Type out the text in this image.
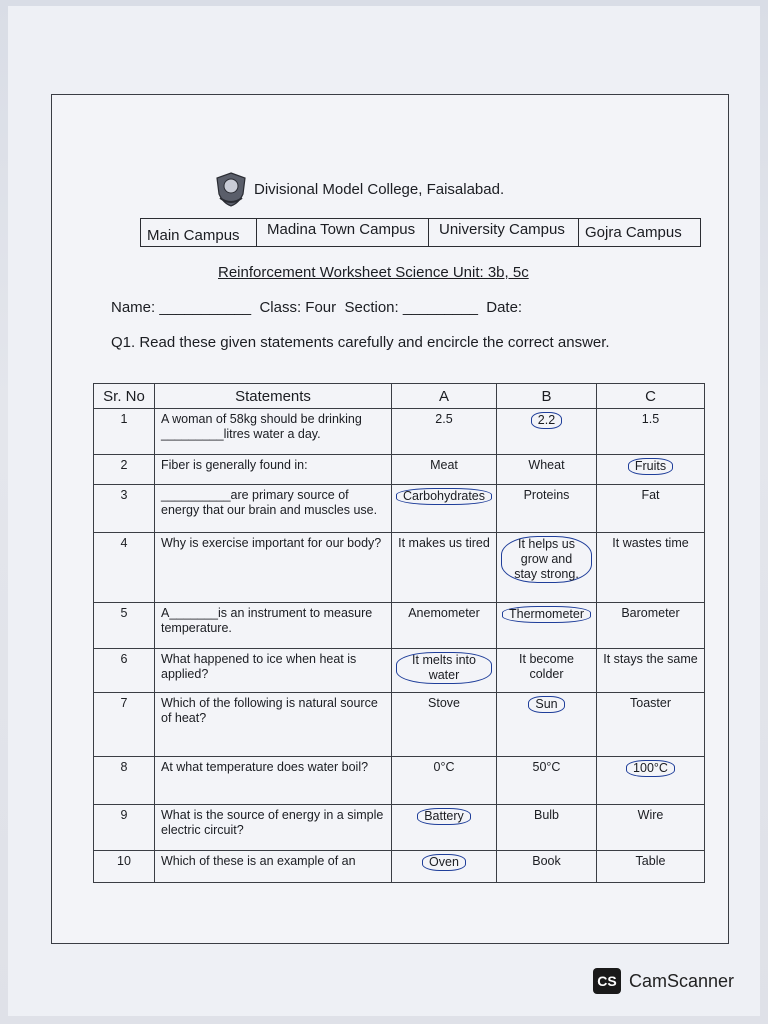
Divisional Model College, Faisalabad.
Main Campus	Madina Town Campus	University Campus	Gojra Campus
Reinforcement Worksheet Science Unit: 3b, 5c
Name: ___________  Class: Four  Section: _________  Date:
Q1. Read these given statements carefully and encircle the correct answer.
Sr. No	Statements	A	B	C
1	A woman of 58kg should be drinking _________litres water a day.	2.5	2.2	1.5
2	Fiber is generally found in:	Meat	Wheat	Fruits
3	__________are primary source of energy that our brain and muscles use.	Carbohydrates	Proteins	Fat
4	Why is exercise important for our body?	It makes us tired	It helps us grow and stay strong.	It wastes time
5	A_______is an instrument to measure temperature.	Anemometer	Thermometer	Barometer
6	What happened to ice when heat is applied?	It melts into water	It become colder	It stays the same
7	Which of the following is natural source of heat?	Stove	Sun	Toaster
8	At what temperature does water boil?	0°C	50°C	100°C
9	What is the source of energy in a simple electric circuit?	Battery	Bulb	Wire
10	Which of these is an example of an	Oven	Book	Table
CS CamScanner
